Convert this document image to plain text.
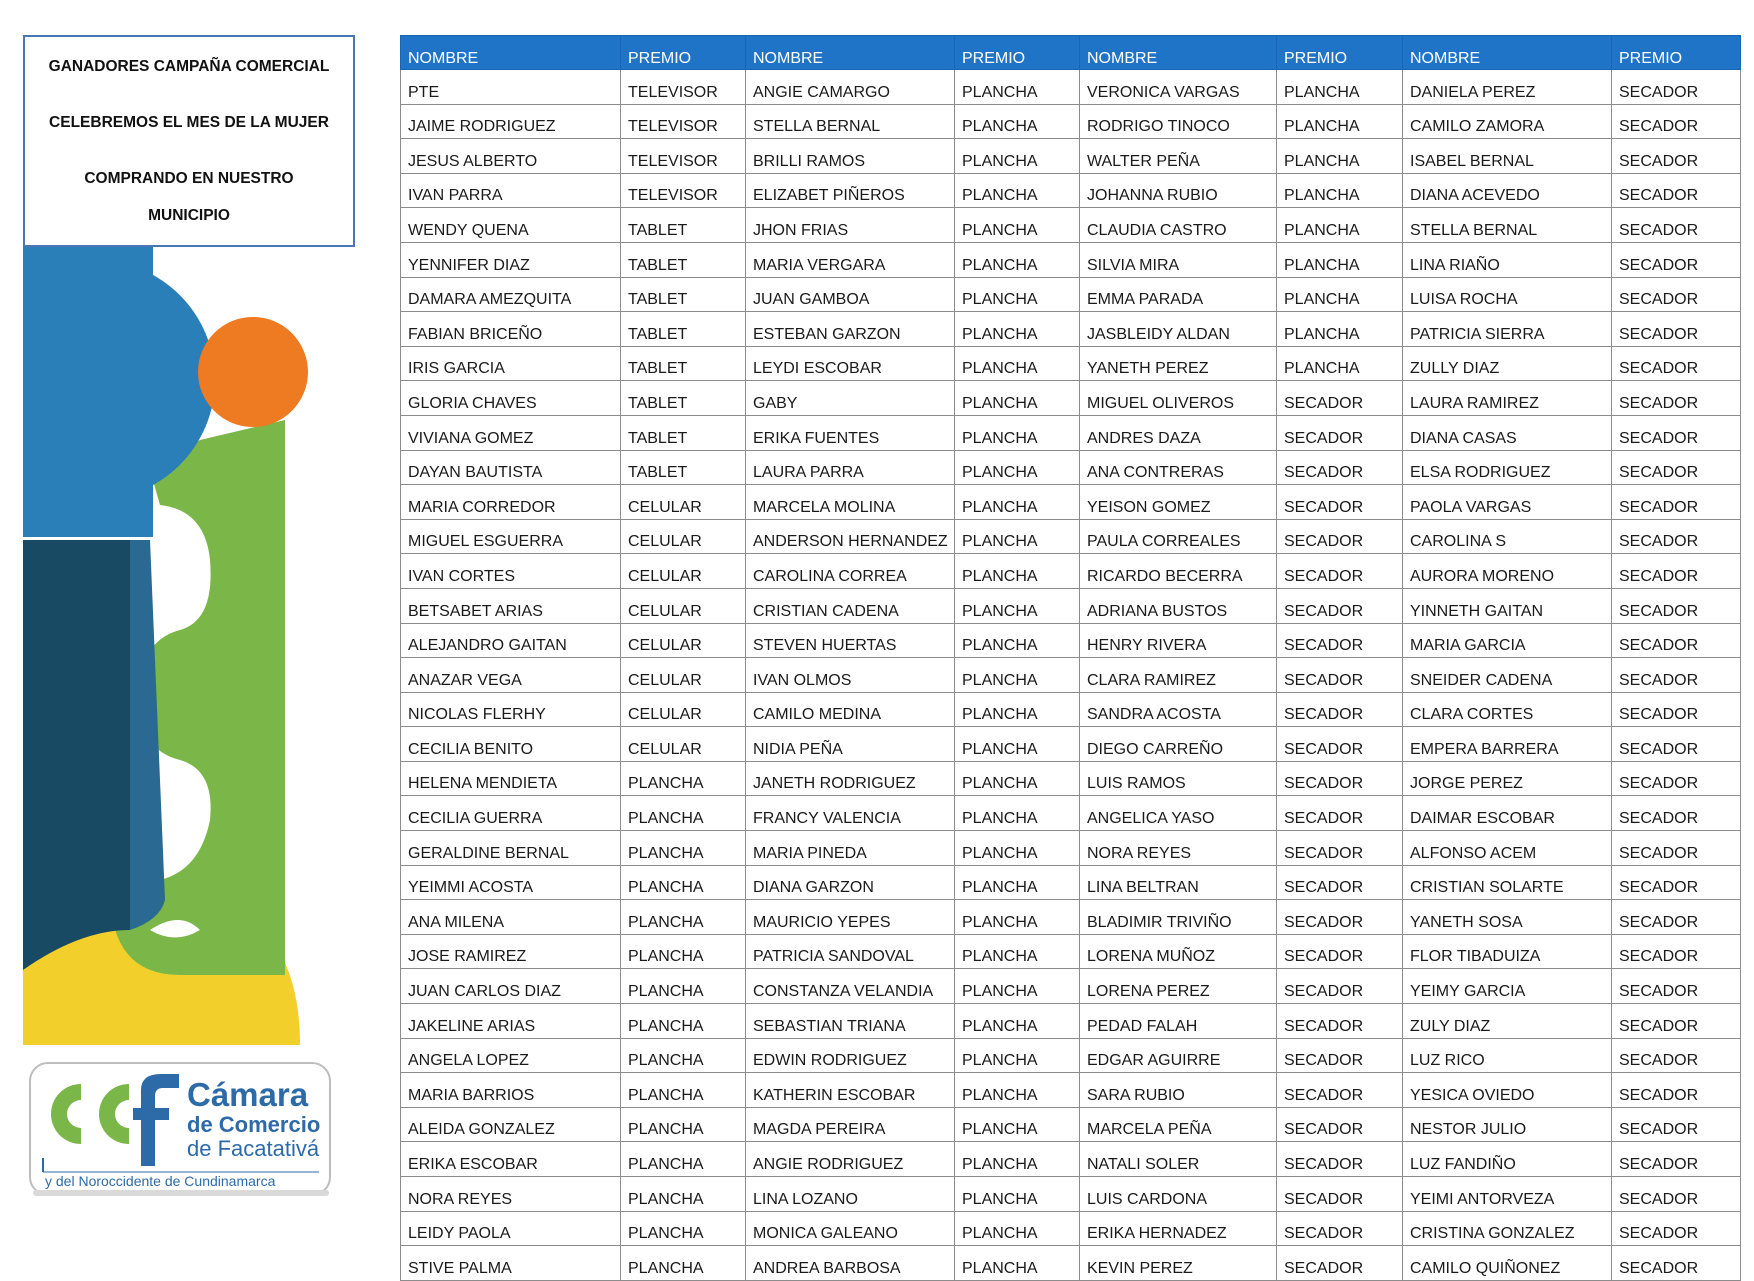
GANADORES CAMPAÑA COMERCIAL
CELEBREMOS EL MES DE LA MUJER
COMPRANDO EN NUESTRO
MUNICIPIO
Cámara
de Comercio
de Facatativá
y del Noroccidente de Cundinamarca
NOMBRE	PREMIO	NOMBRE	PREMIO	NOMBRE	PREMIO	NOMBRE	PREMIO
PTE	TELEVISOR	ANGIE CAMARGO	PLANCHA	VERONICA VARGAS	PLANCHA	DANIELA PEREZ	SECADOR
JAIME RODRIGUEZ	TELEVISOR	STELLA BERNAL	PLANCHA	RODRIGO TINOCO	PLANCHA	CAMILO ZAMORA	SECADOR
JESUS ALBERTO	TELEVISOR	BRILLI RAMOS	PLANCHA	WALTER PEÑA	PLANCHA	ISABEL BERNAL	SECADOR
IVAN PARRA	TELEVISOR	ELIZABET PIÑEROS	PLANCHA	JOHANNA RUBIO	PLANCHA	DIANA ACEVEDO	SECADOR
WENDY QUENA	TABLET	JHON FRIAS	PLANCHA	CLAUDIA CASTRO	PLANCHA	STELLA BERNAL	SECADOR
YENNIFER DIAZ	TABLET	MARIA VERGARA	PLANCHA	SILVIA MIRA	PLANCHA	LINA RIAÑO	SECADOR
DAMARA AMEZQUITA	TABLET	JUAN GAMBOA	PLANCHA	EMMA PARADA	PLANCHA	LUISA ROCHA	SECADOR
FABIAN BRICEÑO	TABLET	ESTEBAN GARZON	PLANCHA	JASBLEIDY ALDAN	PLANCHA	PATRICIA SIERRA	SECADOR
IRIS GARCIA	TABLET	LEYDI ESCOBAR	PLANCHA	YANETH PEREZ	PLANCHA	ZULLY DIAZ	SECADOR
GLORIA CHAVES	TABLET	GABY	PLANCHA	MIGUEL OLIVEROS	SECADOR	LAURA RAMIREZ	SECADOR
VIVIANA GOMEZ	TABLET	ERIKA FUENTES	PLANCHA	ANDRES DAZA	SECADOR	DIANA CASAS	SECADOR
DAYAN BAUTISTA	TABLET	LAURA PARRA	PLANCHA	ANA CONTRERAS	SECADOR	ELSA RODRIGUEZ	SECADOR
MARIA CORREDOR	CELULAR	MARCELA MOLINA	PLANCHA	YEISON GOMEZ	SECADOR	PAOLA VARGAS	SECADOR
MIGUEL ESGUERRA	CELULAR	ANDERSON HERNANDEZ	PLANCHA	PAULA CORREALES	SECADOR	CAROLINA S	SECADOR
IVAN CORTES	CELULAR	CAROLINA CORREA	PLANCHA	RICARDO BECERRA	SECADOR	AURORA MORENO	SECADOR
BETSABET ARIAS	CELULAR	CRISTIAN CADENA	PLANCHA	ADRIANA BUSTOS	SECADOR	YINNETH GAITAN	SECADOR
ALEJANDRO GAITAN	CELULAR	STEVEN HUERTAS	PLANCHA	HENRY RIVERA	SECADOR	MARIA GARCIA	SECADOR
ANAZAR VEGA	CELULAR	IVAN OLMOS	PLANCHA	CLARA RAMIREZ	SECADOR	SNEIDER CADENA	SECADOR
NICOLAS FLERHY	CELULAR	CAMILO MEDINA	PLANCHA	SANDRA ACOSTA	SECADOR	CLARA CORTES	SECADOR
CECILIA BENITO	CELULAR	NIDIA PEÑA	PLANCHA	DIEGO CARREÑO	SECADOR	EMPERA BARRERA	SECADOR
HELENA MENDIETA	PLANCHA	JANETH RODRIGUEZ	PLANCHA	LUIS RAMOS	SECADOR	JORGE PEREZ	SECADOR
CECILIA GUERRA	PLANCHA	FRANCY VALENCIA	PLANCHA	ANGELICA YASO	SECADOR	DAIMAR ESCOBAR	SECADOR
GERALDINE BERNAL	PLANCHA	MARIA PINEDA	PLANCHA	NORA REYES	SECADOR	ALFONSO ACEM	SECADOR
YEIMMI ACOSTA	PLANCHA	DIANA GARZON	PLANCHA	LINA BELTRAN	SECADOR	CRISTIAN SOLARTE	SECADOR
ANA MILENA	PLANCHA	MAURICIO YEPES	PLANCHA	BLADIMIR TRIVIÑO	SECADOR	YANETH SOSA	SECADOR
JOSE RAMIREZ	PLANCHA	PATRICIA SANDOVAL	PLANCHA	LORENA MUÑOZ	SECADOR	FLOR TIBADUIZA	SECADOR
JUAN CARLOS DIAZ	PLANCHA	CONSTANZA VELANDIA	PLANCHA	LORENA PEREZ	SECADOR	YEIMY GARCIA	SECADOR
JAKELINE ARIAS	PLANCHA	SEBASTIAN TRIANA	PLANCHA	PEDAD FALAH	SECADOR	ZULY DIAZ	SECADOR
ANGELA LOPEZ	PLANCHA	EDWIN RODRIGUEZ	PLANCHA	EDGAR AGUIRRE	SECADOR	LUZ RICO	SECADOR
MARIA BARRIOS	PLANCHA	KATHERIN ESCOBAR	PLANCHA	SARA RUBIO	SECADOR	YESICA OVIEDO	SECADOR
ALEIDA GONZALEZ	PLANCHA	MAGDA PEREIRA	PLANCHA	MARCELA PEÑA	SECADOR	NESTOR JULIO	SECADOR
ERIKA ESCOBAR	PLANCHA	ANGIE RODRIGUEZ	PLANCHA	NATALI SOLER	SECADOR	LUZ FANDIÑO	SECADOR
NORA REYES	PLANCHA	LINA LOZANO	PLANCHA	LUIS CARDONA	SECADOR	YEIMI ANTORVEZA	SECADOR
LEIDY PAOLA	PLANCHA	MONICA GALEANO	PLANCHA	ERIKA HERNADEZ	SECADOR	CRISTINA GONZALEZ	SECADOR
STIVE PALMA	PLANCHA	ANDREA BARBOSA	PLANCHA	KEVIN PEREZ	SECADOR	CAMILO QUIÑONEZ	SECADOR
